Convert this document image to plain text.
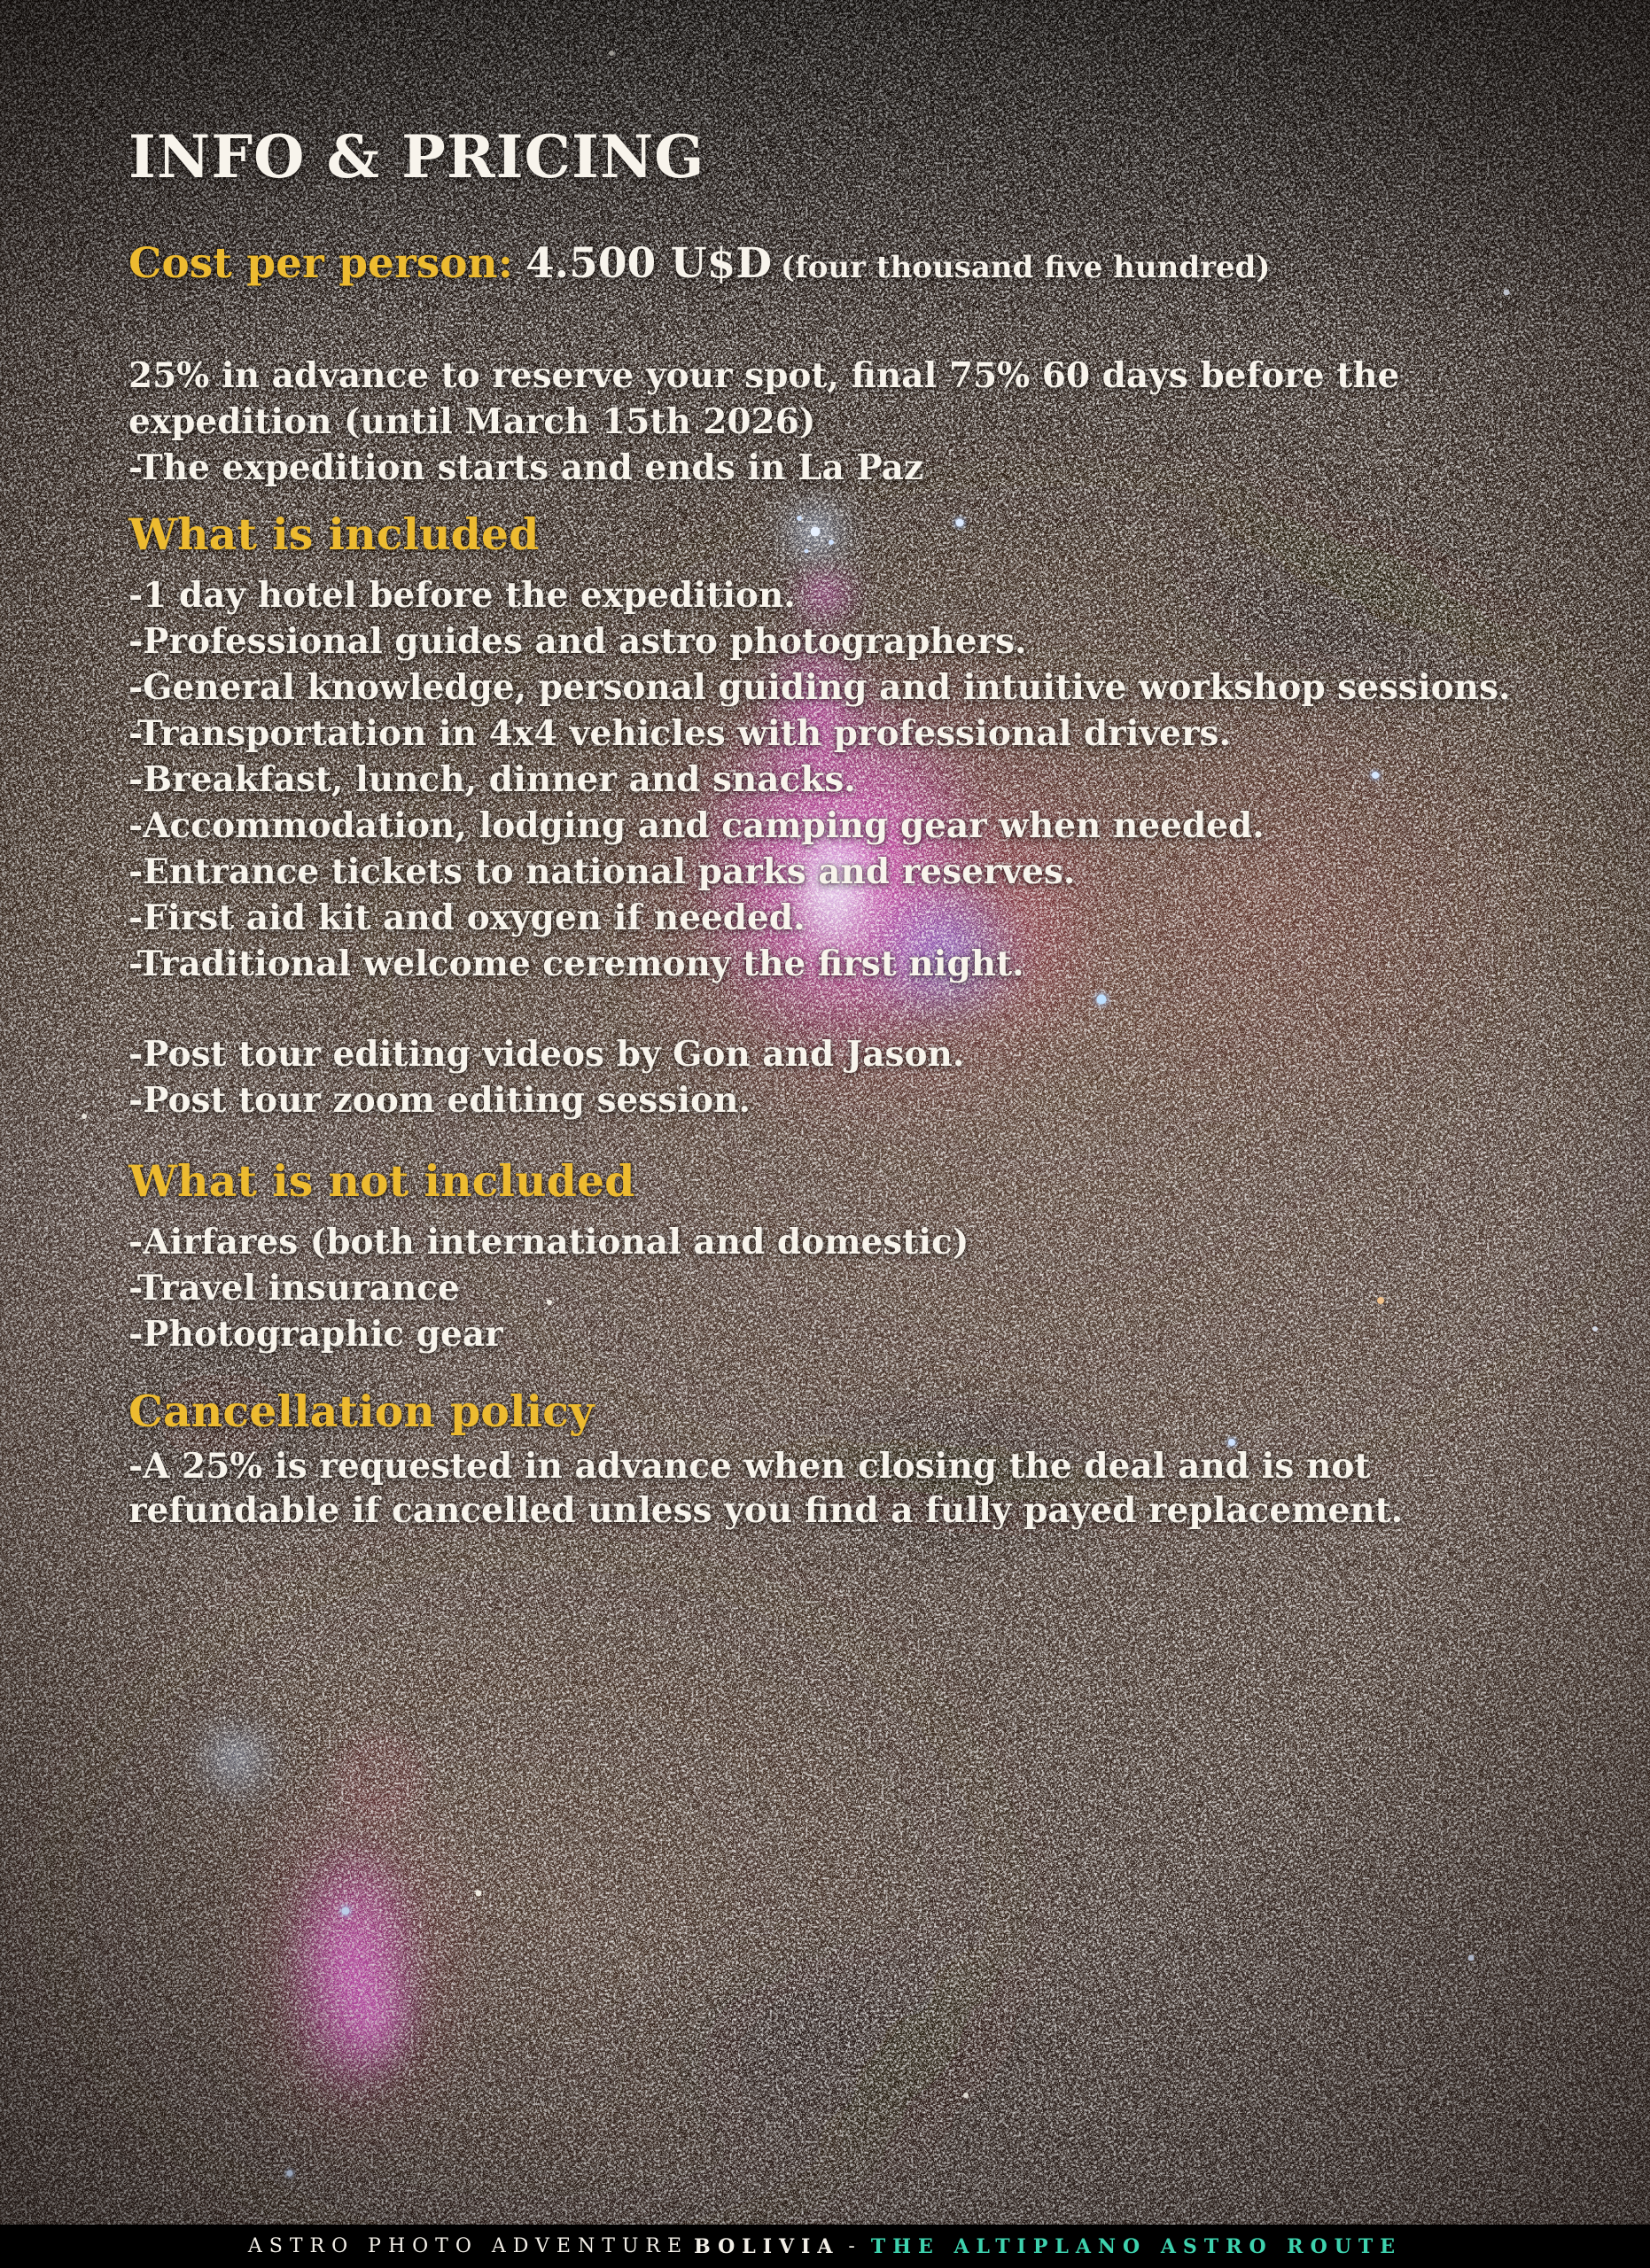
INFO & PRICING
Cost per person: 4.500 U$D (four thousand five hundred)
25% in advance to reserve your spot, final 75% 60 days before the
expedition (until March 15th 2026)
-The expedition starts and ends in La Paz
What is included
-1 day hotel before the expedition.
-Professional guides and astro photographers.
-General knowledge, personal guiding and intuitive workshop sessions.
-Transportation in 4x4 vehicles with professional drivers.
-Breakfast, lunch, dinner and snacks.
-Accommodation, lodging and camping gear when needed.
-Entrance tickets to national parks and reserves.
-First aid kit and oxygen if needed.
-Traditional welcome ceremony the first night.
-Post tour editing videos by Gon and Jason.
-Post tour zoom editing session.
What is not included
-Airfares (both international and domestic)
-Travel insurance
-Photographic gear
Cancellation policy
-A 25% is requested in advance when closing the deal and is not
refundable if cancelled unless you find a fully payed replacement.
ASTRO PHOTO ADVENTURE BOLIVIA - THE ALTIPLANO ASTRO ROUTE
